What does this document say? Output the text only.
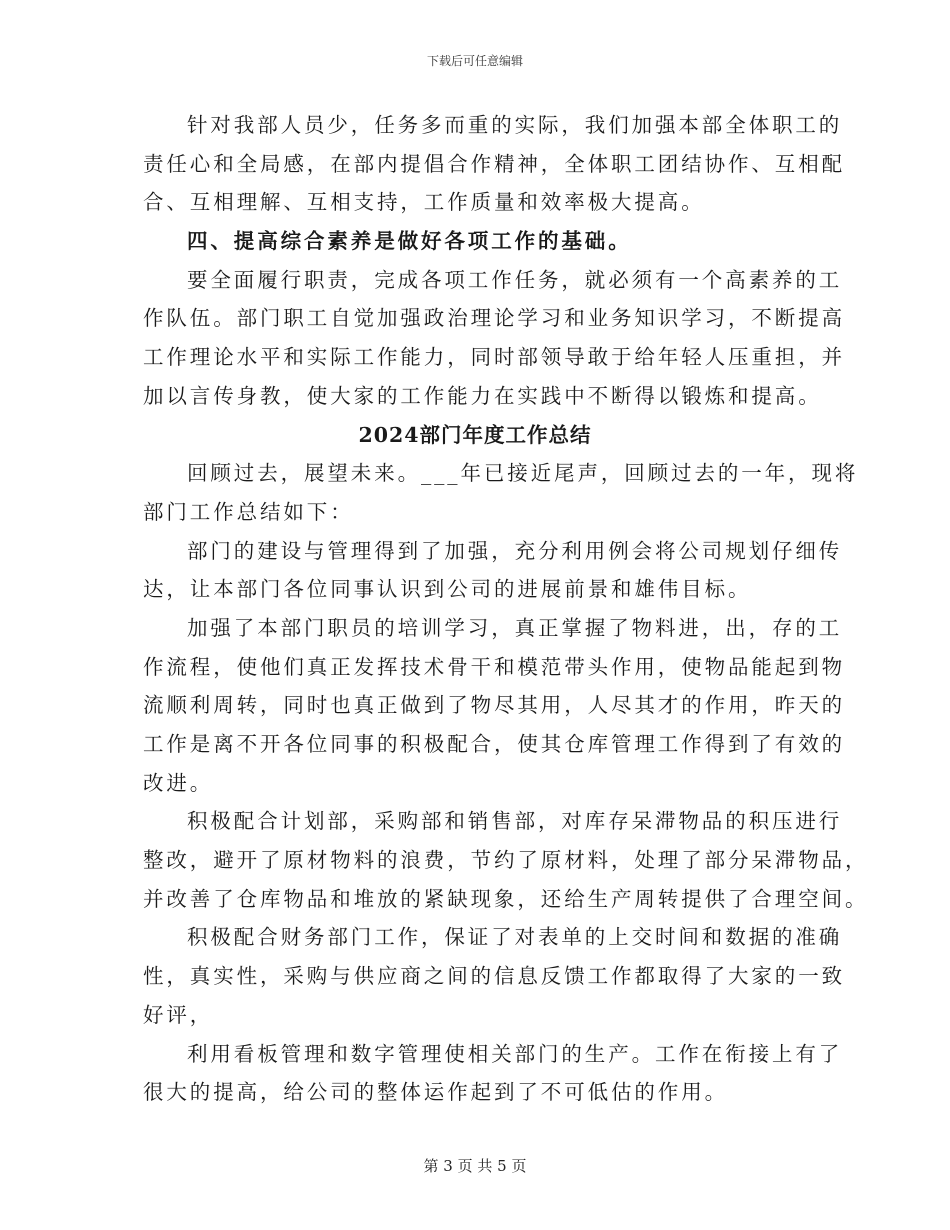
下载后可任意编辑
针对我部人员少，任务多而重的实际，我们加强本部全体职工的
责任心和全局感，在部内提倡合作精神，全体职工团结协作、互相配
合、互相理解、互相支持，工作质量和效率极大提高。
四、提高综合素养是做好各项工作的基础。
要全面履行职责，完成各项工作任务，就必须有一个高素养的工
作队伍。部门职工自觉加强政治理论学习和业务知识学习，不断提高
工作理论水平和实际工作能力，同时部领导敢于给年轻人压重担，并
加以言传身教，使大家的工作能力在实践中不断得以锻炼和提高。
2024部门年度工作总结
回顾过去，展望未来。___年已接近尾声，回顾过去的一年，现将
部门工作总结如下：
部门的建设与管理得到了加强，充分利用例会将公司规划仔细传
达，让本部门各位同事认识到公司的进展前景和雄伟目标。
加强了本部门职员的培训学习，真正掌握了物料进，出，存的工
作流程，使他们真正发挥技术骨干和模范带头作用，使物品能起到物
流顺利周转，同时也真正做到了物尽其用，人尽其才的作用，昨天的
工作是离不开各位同事的积极配合，使其仓库管理工作得到了有效的
改进。
积极配合计划部，采购部和销售部，对库存呆滞物品的积压进行
整改，避开了原材物料的浪费，节约了原材料，处理了部分呆滞物品，
并改善了仓库物品和堆放的紧缺现象，还给生产周转提供了合理空间。
积极配合财务部门工作，保证了对表单的上交时间和数据的准确
性，真实性，采购与供应商之间的信息反馈工作都取得了大家的一致
好评，
利用看板管理和数字管理使相关部门的生产。工作在衔接上有了
很大的提高，给公司的整体运作起到了不可低估的作用。
第 3 页 共 5 页
